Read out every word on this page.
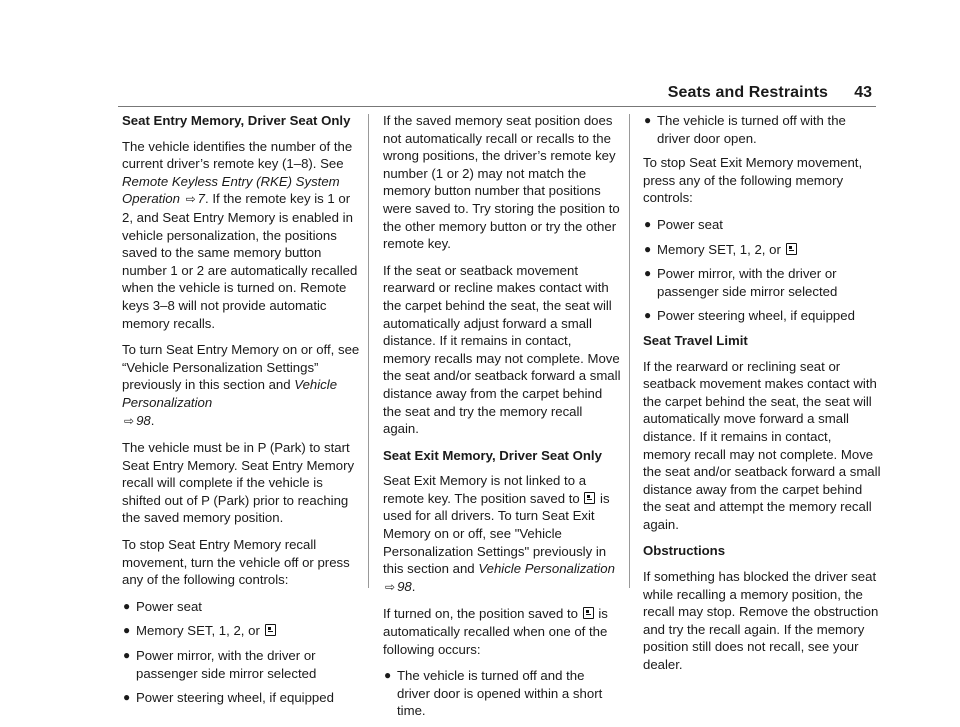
Seats and Restraints 43

Seat Entry Memory, Driver Seat Only

The vehicle identifies the number of the current driver’s remote key (1–8). See Remote Keyless Entry (RKE) System Operation ⇨ 7. If the remote key is 1 or 2, and Seat Entry Memory is enabled in vehicle personalization, the positions saved to the same memory button number 1 or 2 are automatically recalled when the vehicle is turned on. Remote keys 3–8 will not provide automatic memory recalls.

To turn Seat Entry Memory on or off, see “Vehicle Personalization Settings” previously in this section and Vehicle Personalization
⇨ 98.

The vehicle must be in P (Park) to start Seat Entry Memory. Seat Entry Memory recall will complete if the vehicle is shifted out of P (Park) prior to reaching the saved memory position.

To stop Seat Entry Memory recall movement, turn the vehicle off or press any of the following controls:

● Power seat
● Memory SET, 1, 2, or
● Power mirror, with the driver or passenger side mirror selected
● Power steering wheel, if equipped

If the saved memory seat position does not automatically recall or recalls to the wrong positions, the driver’s remote key number (1 or 2) may not match the memory button number that positions were saved to. Try storing the position to the other memory button or try the other remote key.

If the seat or seatback movement rearward or recline makes contact with the carpet behind the seat, the seat will automatically adjust forward a small distance. If it remains in contact, memory recalls may not complete. Move the seat and/or seatback forward a small distance away from the carpet behind the seat and try the memory recall again.

Seat Exit Memory, Driver Seat Only

Seat Exit Memory is not linked to a remote key. The position saved to is used for all drivers. To turn Seat Exit Memory on or off, see "Vehicle Personalization Settings" previously in this section and Vehicle Personalization ⇨ 98.

If turned on, the position saved to is automatically recalled when one of the following occurs:

● The vehicle is turned off and the driver door is opened within a short time.
● The vehicle is turned off with the driver door open.

To stop Seat Exit Memory movement, press any of the following memory controls:

● Power seat
● Memory SET, 1, 2, or
● Power mirror, with the driver or passenger side mirror selected
● Power steering wheel, if equipped

Seat Travel Limit

If the rearward or reclining seat or seatback movement makes contact with the carpet behind the seat, the seat will automatically move forward a small distance. If it remains in contact, memory recall may not complete. Move the seat and/or seatback forward a small distance away from the carpet behind the seat and attempt the memory recall again.

Obstructions

If something has blocked the driver seat while recalling a memory position, the recall may stop. Remove the obstruction and try the recall again. If the memory position still does not recall, see your dealer.
